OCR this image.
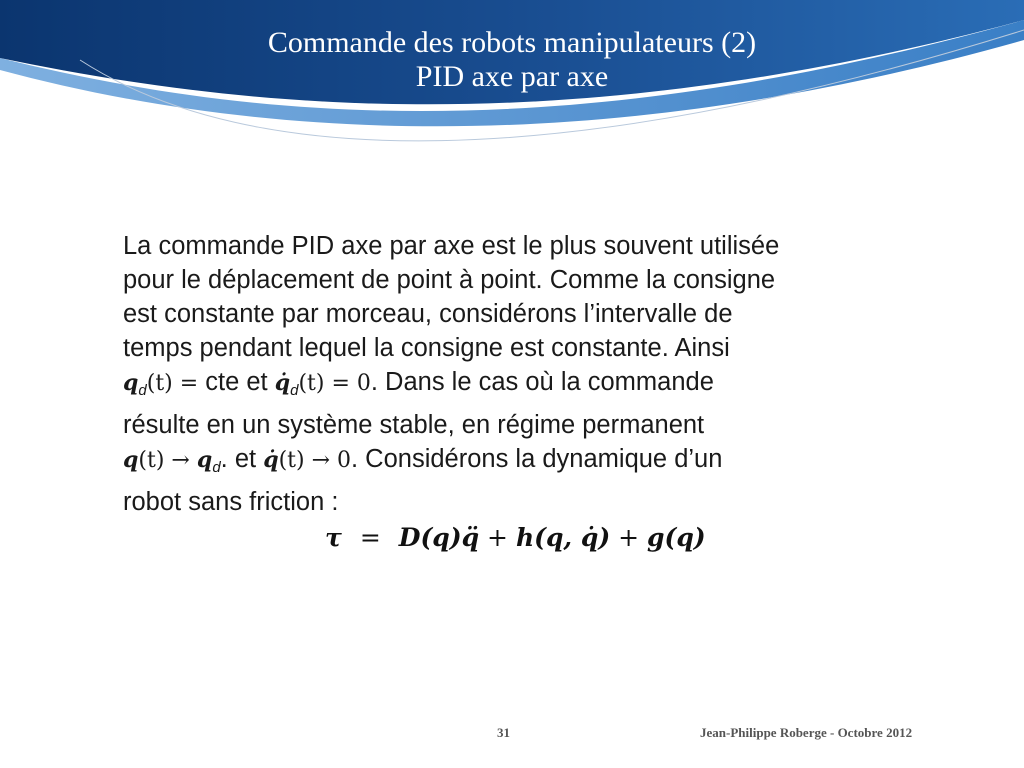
Commande des robots manipulateurs (2)
PID axe par axe
La commande PID axe par axe est le plus souvent utilisée
pour le déplacement de point à point. Comme la consigne
est constante par morceau, considérons l’intervalle de
temps pendant lequel la consigne est constante. Ainsi
$q_d(t)$ = cte et $q̇_d(t) = 0$. Dans le cas où la commande
résulte en un système stable, en régime permanent
$q(t) \to q_d$. et q̇(t) → 0. Considérons la dynamique d’un
robot sans friction :
τ = D(q)q̈ + h(q, q̇) + g(q)
31	Jean-Philippe Roberge - Octobre 2012
